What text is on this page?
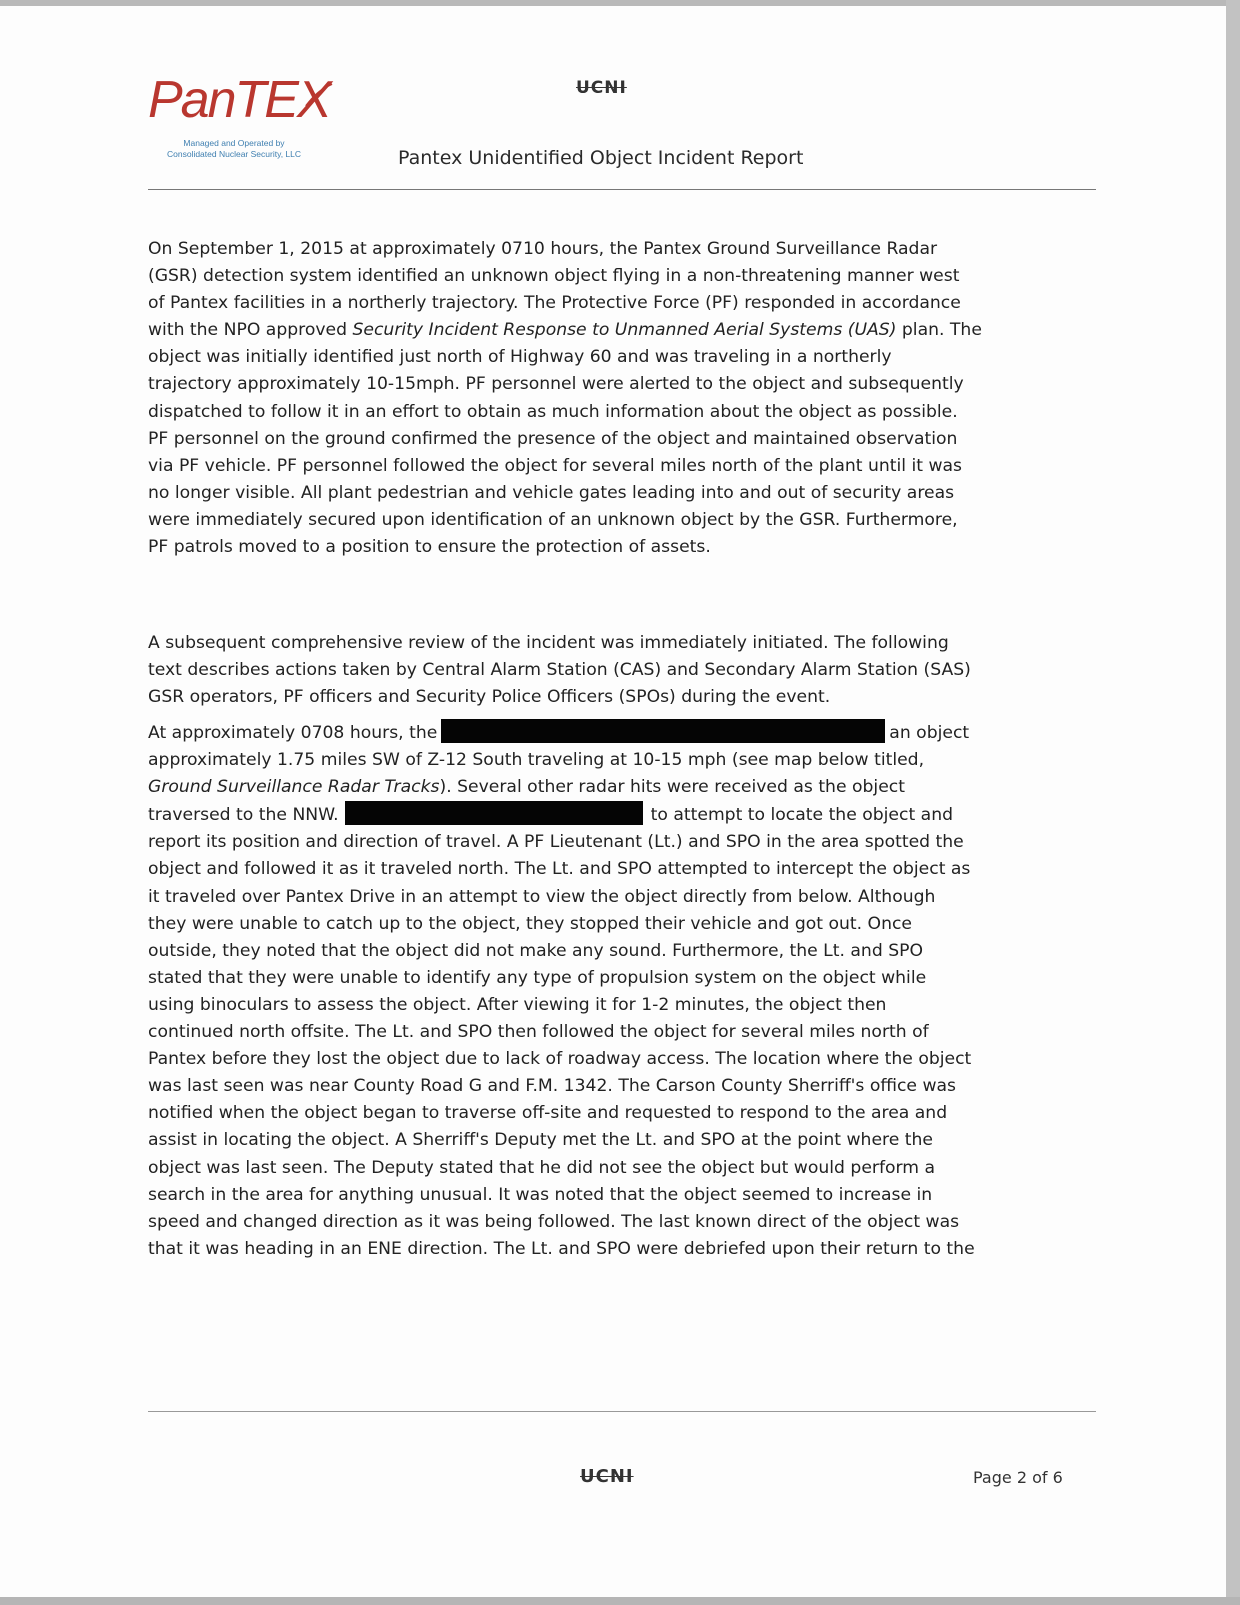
PanTEX
Managed and Operated by
Consolidated Nuclear Security, LLC
UCNI
Pantex Unidentified Object Incident Report
On September 1, 2015 at approximately 0710 hours, the Pantex Ground Surveillance Radar
(GSR) detection system identified an unknown object flying in a non-threatening manner west
of Pantex facilities in a northerly trajectory. The Protective Force (PF) responded in accordance
with the NPO approved Security Incident Response to Unmanned Aerial Systems (UAS) plan. The
object was initially identified just north of Highway 60 and was traveling in a northerly
trajectory approximately 10-15mph. PF personnel were alerted to the object and subsequently
dispatched to follow it in an effort to obtain as much information about the object as possible.
PF personnel on the ground confirmed the presence of the object and maintained observation
via PF vehicle. PF personnel followed the object for several miles north of the plant until it was
no longer visible. All plant pedestrian and vehicle gates leading into and out of security areas
were immediately secured upon identification of an unknown object by the GSR. Furthermore,
PF patrols moved to a position to ensure the protection of assets.
A subsequent comprehensive review of the incident was immediately initiated. The following
text describes actions taken by Central Alarm Station (CAS) and Secondary Alarm Station (SAS)
GSR operators, PF officers and Security Police Officers (SPOs) during the event.
At approximately 0708 hours, the	an object
approximately 1.75 miles SW of Z-12 South traveling at 10-15 mph (see map below titled,
Ground Surveillance Radar Tracks). Several other radar hits were received as the object
traversed to the NNW.	to attempt to locate the object and
report its position and direction of travel. A PF Lieutenant (Lt.) and SPO in the area spotted the
object and followed it as it traveled north. The Lt. and SPO attempted to intercept the object as
it traveled over Pantex Drive in an attempt to view the object directly from below. Although
they were unable to catch up to the object, they stopped their vehicle and got out. Once
outside, they noted that the object did not make any sound. Furthermore, the Lt. and SPO
stated that they were unable to identify any type of propulsion system on the object while
using binoculars to assess the object. After viewing it for 1-2 minutes, the object then
continued north offsite. The Lt. and SPO then followed the object for several miles north of
Pantex before they lost the object due to lack of roadway access. The location where the object
was last seen was near County Road G and F.M. 1342. The Carson County Sherriff's office was
notified when the object began to traverse off-site and requested to respond to the area and
assist in locating the object. A Sherriff's Deputy met the Lt. and SPO at the point where the
object was last seen. The Deputy stated that he did not see the object but would perform a
search in the area for anything unusual. It was noted that the object seemed to increase in
speed and changed direction as it was being followed. The last known direct of the object was
that it was heading in an ENE direction. The Lt. and SPO were debriefed upon their return to the
UCNI	Page 2 of 6
